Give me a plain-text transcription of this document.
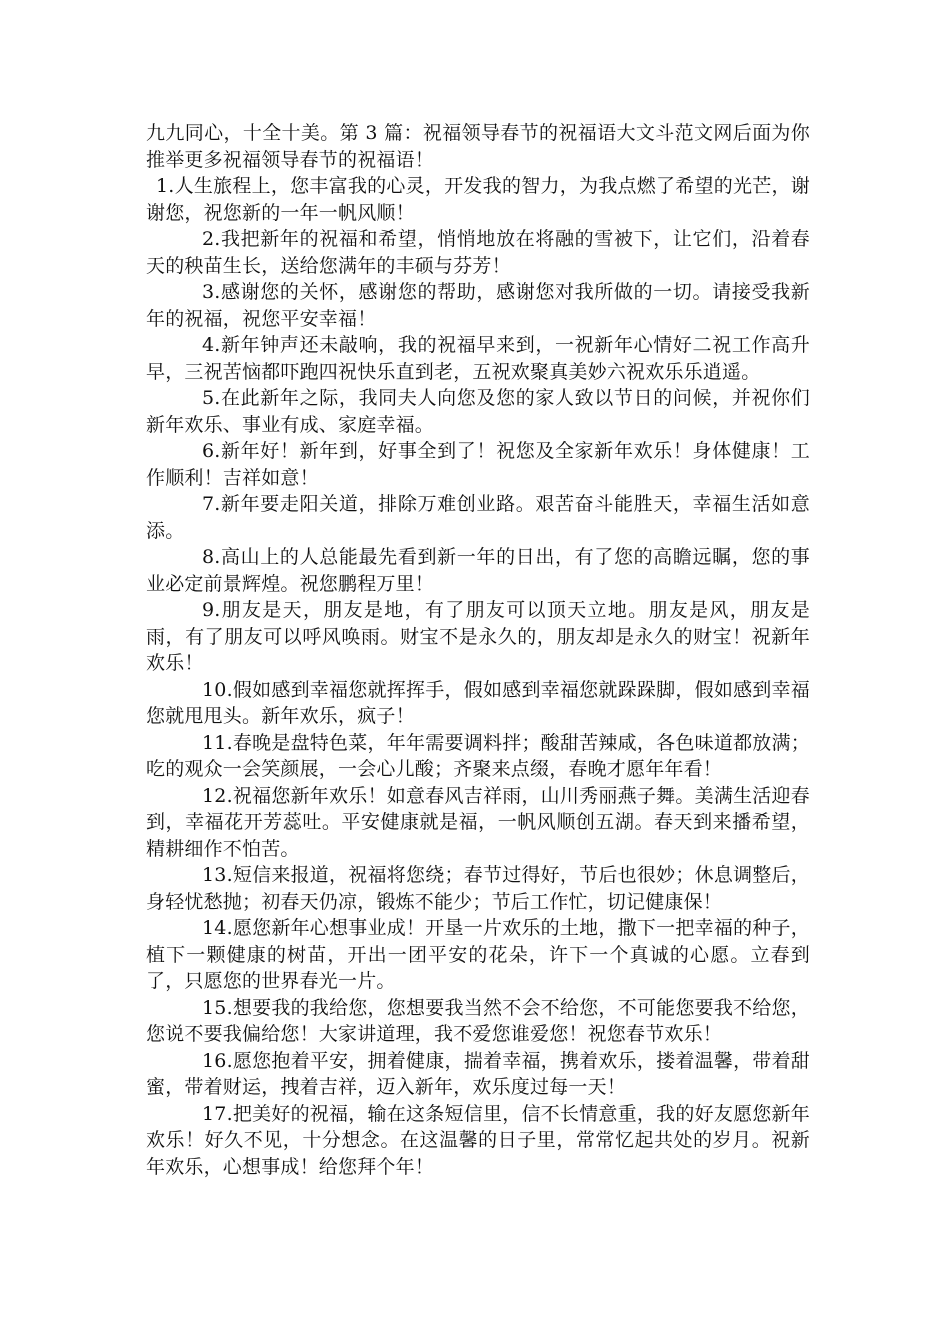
九九同心，十全十美。第 3 篇：祝福领导春节的祝福语大文斗范文网后面为你推举更多祝福领导春节的祝福语！

1.人生旅程上，您丰富我的心灵，开发我的智力，为我点燃了希望的光芒，谢谢您，祝您新的一年一帆风顺！

2.我把新年的祝福和希望，悄悄地放在将融的雪被下，让它们，沿着春天的秧苗生长，送给您满年的丰硕与芬芳！

3.感谢您的关怀，感谢您的帮助，感谢您对我所做的一切。请接受我新年的祝福，祝您平安幸福！

4.新年钟声还未敲响，我的祝福早来到，一祝新年心情好二祝工作高升早，三祝苦恼都吓跑四祝快乐直到老，五祝欢聚真美妙六祝欢乐乐逍遥。

5.在此新年之际，我同夫人向您及您的家人致以节日的问候，并祝你们新年欢乐、事业有成、家庭幸福。

6.新年好！新年到，好事全到了！祝您及全家新年欢乐！身体健康！工作顺利！吉祥如意！

7.新年要走阳关道，排除万难创业路。艰苦奋斗能胜天，幸福生活如意添。

8.高山上的人总能最先看到新一年的日出，有了您的高瞻远瞩，您的事业必定前景辉煌。祝您鹏程万里！

9.朋友是天，朋友是地，有了朋友可以顶天立地。朋友是风，朋友是雨，有了朋友可以呼风唤雨。财宝不是永久的，朋友却是永久的财宝！祝新年欢乐！

10.假如感到幸福您就挥挥手，假如感到幸福您就跺跺脚，假如感到幸福您就甩甩头。新年欢乐，疯子！

11.春晚是盘特色菜，年年需要调料拌；酸甜苦辣咸，各色味道都放满；吃的观众一会笑颜展，一会心儿酸；齐聚来点缀，春晚才愿年年看！

12.祝福您新年欢乐！如意春风吉祥雨，山川秀丽燕子舞。美满生活迎春到，幸福花开芳蕊吐。平安健康就是福，一帆风顺创五湖。春天到来播希望，精耕细作不怕苦。

13.短信来报道，祝福将您绕；春节过得好，节后也很妙；休息调整后，身轻忧愁抛；初春天仍凉，锻炼不能少；节后工作忙，切记健康保！

14.愿您新年心想事业成！开垦一片欢乐的土地，撒下一把幸福的种子，植下一颗健康的树苗，开出一团平安的花朵，许下一个真诚的心愿。立春到了，只愿您的世界春光一片。

15.想要我的我给您，您想要我当然不会不给您，不可能您要我不给您，您说不要我偏给您！大家讲道理，我不爱您谁爱您！祝您春节欢乐！

16.愿您抱着平安，拥着健康，揣着幸福，携着欢乐，搂着温馨，带着甜蜜，带着财运，拽着吉祥，迈入新年，欢乐度过每一天！

17.把美好的祝福，输在这条短信里，信不长情意重，我的好友愿您新年欢乐！好久不见，十分想念。在这温馨的日子里，常常忆起共处的岁月。祝新年欢乐，心想事成！给您拜个年！
